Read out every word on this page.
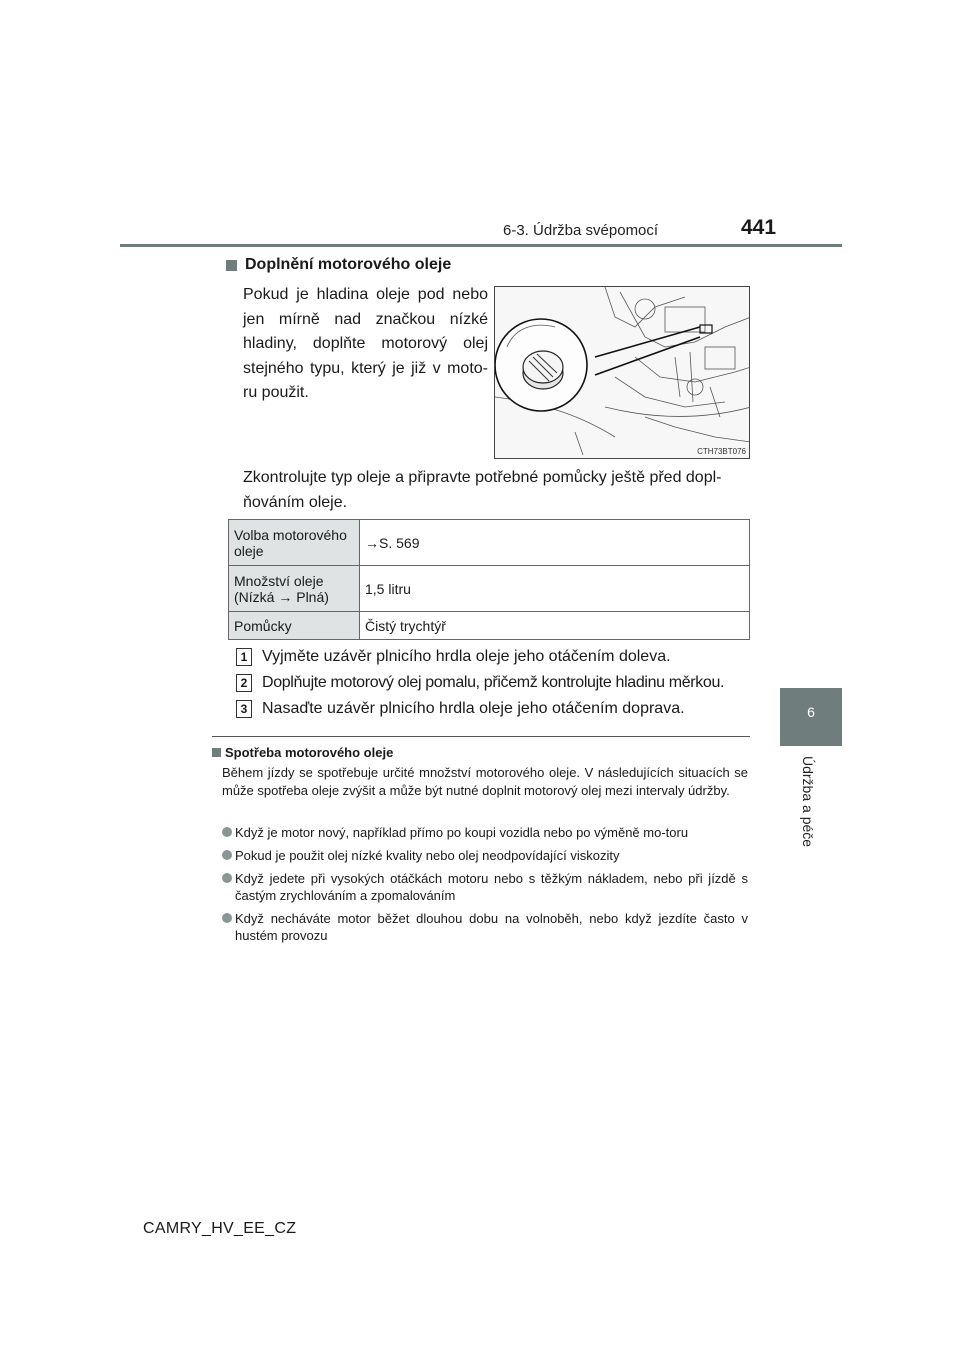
6-3. Údržba svépomocí	441
6
Údržba a péče
Doplnění motorového oleje

Pokud je hladina oleje pod nebo jen mírně nad značkou nízké hladiny, doplňte motorový olej stejného typu, který je již v moto-ru použit.

CTH73BT076

Zkontrolujte typ oleje a připravte potřebné pomůcky ještě před dopl-ňováním oleje.

Volba motorového oleje	→S. 569
Množství oleje (Nízká → Plná)	1,5 litru
Pomůcky	Čistý trychtýř
1 Vyjměte uzávěr plnicího hrdla oleje jeho otáčením doleva.
2 Doplňujte motorový olej pomalu, přičemž kontrolujte hladinu měrkou.
3 Nasaďte uzávěr plnicího hrdla oleje jeho otáčením doprava.
Spotřeba motorového oleje

Během jízdy se spotřebuje určité množství motorového oleje. V následujících situacích se může spotřeba oleje zvýšit a může být nutné doplnit motorový olej mezi intervaly údržby.

Když je motor nový, například přímo po koupi vozidla nebo po výměně mo-toru
Pokud je použit olej nízké kvality nebo olej neodpovídající viskozity
Když jedete při vysokých otáčkách motoru nebo s těžkým nákladem, nebo při jízdě s častým zrychlováním a zpomalováním
Když necháváte motor běžet dlouhou dobu na volnoběh, nebo když jezdíte často v hustém provozu
CAMRY_HV_EE_CZ
